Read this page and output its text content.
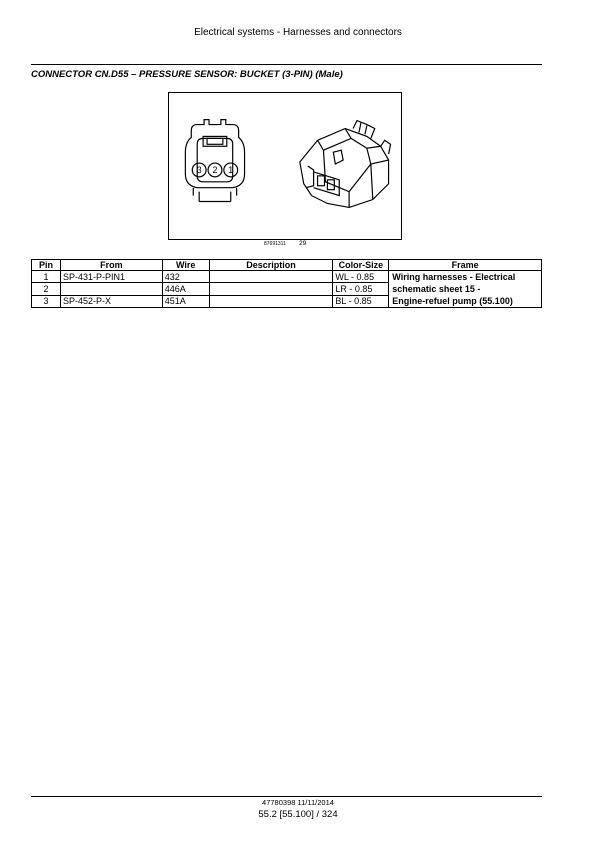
Electrical systems - Harnesses and connectors
CONNECTOR CN.D55 – PRESSURE SENSOR: BUCKET (3-PIN) (Male)
3 2 1
87691311 29
Pin	From	Wire	Description	Color-Size	Frame
1	SP-431-P-PIN1	432		WL - 0.85	Wiring harnesses - Electrical
schematic sheet 15 -
Engine-refuel pump (55.100)

2		446A		LR - 0.85	
3	SP-452-P-X	451A		BL - 0.85	
47780398 11/11/2014
55.2 [55.100] / 324
